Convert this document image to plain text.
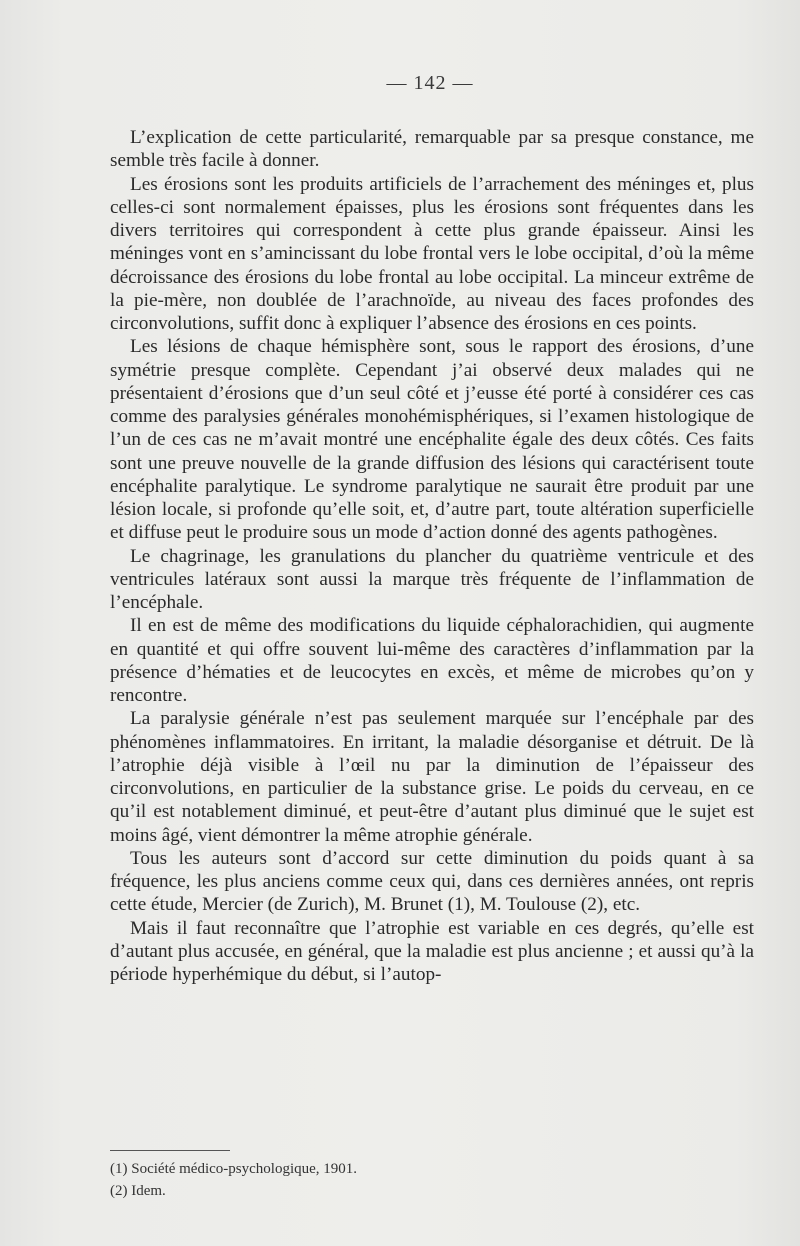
— 142 —

L’explication de cette particularité, remarquable par sa presque constance, me semble très facile à donner.

Les érosions sont les produits artificiels de l’arrachement des méninges et, plus celles-ci sont normalement épaisses, plus les érosions sont fréquentes dans les divers territoires qui correspondent à cette plus grande épaisseur. Ainsi les méninges vont en s’amincissant du lobe frontal vers le lobe occipital, d’où la même décroissance des érosions du lobe frontal au lobe occipital. La minceur extrême de la pie-mère, non doublée de l’arachnoïde, au niveau des faces profondes des circonvolutions, suffit donc à expliquer l’absence des érosions en ces points.

Les lésions de chaque hémisphère sont, sous le rapport des érosions, d’une symétrie presque complète. Cependant j’ai observé deux malades qui ne présentaient d’érosions que d’un seul côté et j’eusse été porté à considérer ces cas comme des paralysies générales monohémisphériques, si l’examen histologique de l’un de ces cas ne m’avait montré une encéphalite égale des deux côtés. Ces faits sont une preuve nouvelle de la grande diffusion des lésions qui caractérisent toute encéphalite paralytique. Le syndrome paralytique ne saurait être produit par une lésion locale, si profonde qu’elle soit, et, d’autre part, toute altération superficielle et diffuse peut le produire sous un mode d’action donné des agents pathogènes.

Le chagrinage, les granulations du plancher du quatrième ventricule et des ventricules latéraux sont aussi la marque très fréquente de l’inflammation de l’encéphale.

Il en est de même des modifications du liquide céphalorachidien, qui augmente en quantité et qui offre souvent lui-même des caractères d’inflammation par la présence d’hématies et de leucocytes en excès, et même de microbes qu’on y rencontre.

La paralysie générale n’est pas seulement marquée sur l’encéphale par des phénomènes inflammatoires. En irritant, la maladie désorganise et détruit. De là l’atrophie déjà visible à l’œil nu par la diminution de l’épaisseur des circonvolutions, en particulier de la substance grise. Le poids du cerveau, en ce qu’il est notablement diminué, et peut-être d’autant plus diminué que le sujet est moins âgé, vient démontrer la même atrophie générale.

Tous les auteurs sont d’accord sur cette diminution du poids quant à sa fréquence, les plus anciens comme ceux qui, dans ces dernières années, ont repris cette étude, Mercier (de Zurich), M. Brunet (1), M. Toulouse (2), etc.

Mais il faut reconnaître que l’atrophie est variable en ces degrés, qu’elle est d’autant plus accusée, en général, que la maladie est plus ancienne ; et aussi qu’à la période hyperhémique du début, si l’autop-

(1) Société médico-psychologique, 1901.

(2) Idem.
